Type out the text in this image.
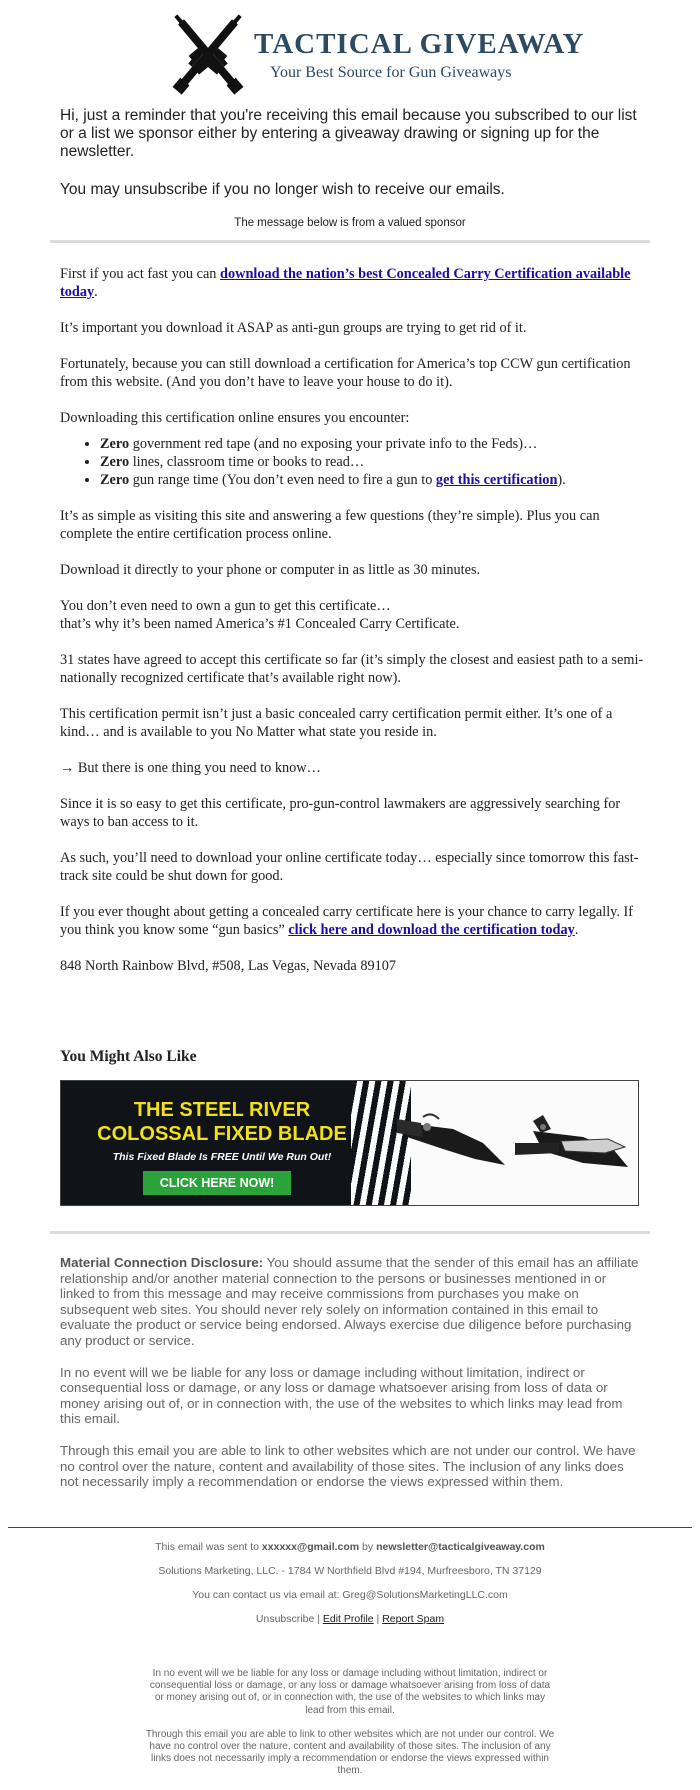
TACTICAL GIVEAWAY
Your Best Source for Gun Giveaways

Hi, just a reminder that you're receiving this email because you subscribed to our list or a list we sponsor either by entering a giveaway drawing or signing up for the newsletter.

You may unsubscribe if you no longer wish to receive our emails.

The message below is from a valued sponsor

First if you act fast you can download the nation’s best Concealed Carry Certification available today.

It’s important you download it ASAP as anti-gun groups are trying to get rid of it.

Fortunately, because you can still download a certification for America’s top CCW gun certification from this website. (And you don’t have to leave your house to do it).

Downloading this certification online ensures you encounter:

• Zero government red tape (and no exposing your private info to the Feds)…
• Zero lines, classroom time or books to read…
• Zero gun range time (You don’t even need to fire a gun to get this certification).

It’s as simple as visiting this site and answering a few questions (they’re simple). Plus you can complete the entire certification process online.

Download it directly to your phone or computer in as little as 30 minutes.

You don’t even need to own a gun to get this certificate…
that’s why it’s been named America’s #1 Concealed Carry Certificate.

31 states have agreed to accept this certificate so far (it’s simply the closest and easiest path to a semi-nationally recognized certificate that’s available right now).

This certification permit isn’t just a basic concealed carry certification permit either. It’s one of a kind… and is available to you No Matter what state you reside in.

→ But there is one thing you need to know…

Since it is so easy to get this certificate, pro-gun-control lawmakers are aggressively searching for ways to ban access to it.

As such, you’ll need to download your online certificate today… especially since tomorrow this fast-track site could be shut down for good.

If you ever thought about getting a concealed carry certificate here is your chance to carry legally. If you think you know some “gun basics” click here and download the certification today.

848 North Rainbow Blvd, #508, Las Vegas, Nevada 89107

You Might Also Like
THE STEEL RIVER
COLOSSAL FIXED BLADE
This Fixed Blade Is FREE Until We Run Out!
CLICK HERE NOW!

Material Connection Disclosure: You should assume that the sender of this email has an affiliate relationship and/or another material connection to the persons or businesses mentioned in or linked to from this message and may receive commissions from purchases you make on subsequent web sites. You should never rely solely on information contained in this email to evaluate the product or service being endorsed. Always exercise due diligence before purchasing any product or service.

In no event will we be liable for any loss or damage including without limitation, indirect or consequential loss or damage, or any loss or damage whatsoever arising from loss of data or money arising out of, or in connection with, the use of the websites to which links may lead from this email.

Through this email you are able to link to other websites which are not under our control. We have no control over the nature, content and availability of those sites. The inclusion of any links does not necessarily imply a recommendation or endorse the views expressed within them.

This email was sent to xxxxxx@gmail.com by newsletter@tacticalgiveaway.com
Solutions Marketing, LLC. - 1784 W Northfield Blvd #194, Murfreesboro, TN 37129
You can contact us via email at: Greg@SolutionsMarketingLLC.com
Unsubscribe | Edit Profile | Report Spam

In no event will we be liable for any loss or damage including without limitation, indirect or consequential loss or damage, or any loss or damage whatsoever arising from loss of data or money arising out of, or in connection with, the use of the websites to which links may lead from this email.

Through this email you are able to link to other websites which are not under our control. We have no control over the nature, content and availability of those sites. The inclusion of any links does not necessarily imply a recommendation or endorse the views expressed within them.
